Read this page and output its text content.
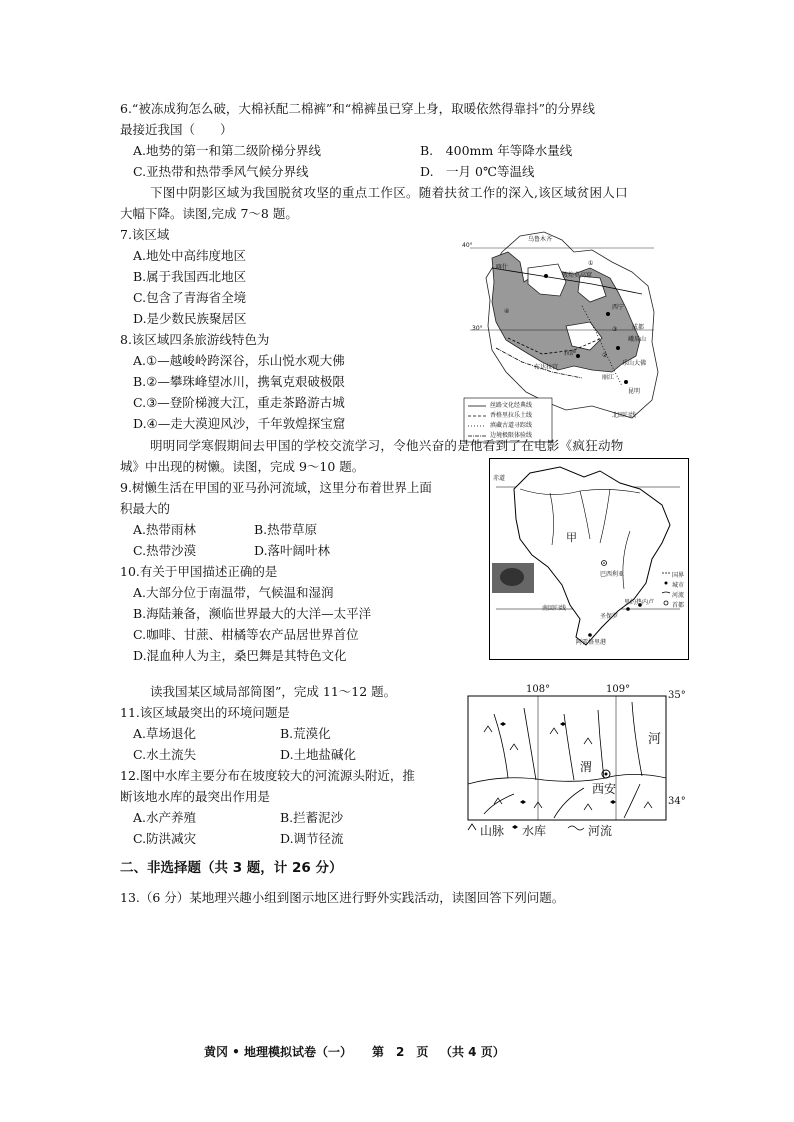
6.“被冻成狗怎么破，大棉袄配二棉裤”和“棉裤虽已穿上身，取暖依然得靠抖”的分界线
最接近我国（　　）
A.地势的第一和第二级阶梯分界线	B.　400mm 年等降水量线
C.亚热带和热带季风气候分界线	D.　一月 0℃等温线
下图中阴影区域为我国脱贫攻坚的重点工作区。随着扶贫工作的深入,该区域贫困人口
大幅下降。读图,完成 7～8 题。
7.该区域
A.地处中高纬度地区
B.属于我国西北地区
C.包含了青海省全境
D.是少数民族聚居区
8.该区域四条旅游线特色为
A.①—越峻岭跨深谷，乐山悦水观大佛
B.②—攀珠峰望冰川，携氧克艰破极限
C.③—登阶梯渡大江，重走茶路游古城
D.④—走大漠迎风沙，千年敦煌探宝窟
40°
30°
乌鲁木齐
喀什
敦煌莫高窟
西宁
拉萨
布达拉宫
峨眉山
成都
乐山大佛
丽江
昆明
北回归线
①
②
③
④
丝路文化经典线
香格里拉乐土线
滇藏古道寻踪线
边境极限体验线
明明同学寒假期间去甲国的学校交流学习，令他兴奋的是他看到了在电影《疯狂动物
城》中出现的树懒。读图，完成 9～10 题。
9.树懒生活在甲国的亚马孙河流域，这里分布着世界上面
积最大的
A.热带雨林	B.热带草原
C.热带沙漠	D.落叶阔叶林
10.有关于甲国描述正确的是
A.大部分位于南温带，气候温和湿润
B.海陆兼备，濒临世界最大的大洋—太平洋
C.咖啡、甘蔗、柑橘等农产品居世界首位
D.混血种人为主，桑巴舞是其特色文化
赤道
甲
巴西利亚
里约热内卢
圣保罗
阿雷格里港
南回归线
国界
城市
河流
首都
读我国某区域局部简图”，完成 11～12 题。
11.该区域最突出的环境问题是
A.草场退化	B.荒漠化
C.水土流失	D.土地盐碱化
12.图中水库主要分布在坡度较大的河流源头附近，推
断该地水库的最突出作用是
A.水产养殖	B.拦蓄泥沙
C.防洪减灾	D.调节径流
108°	109°
35°
34°
河
渭
西安
山脉 水库	河流
二、非选择题（共 3 题，计 26 分）
13.（6 分）某地理兴趣小组到图示地区进行野外实践活动，读图回答下列问题。
黄冈 • 地理模拟试卷（一） 第　2　页 （共 4 页）
